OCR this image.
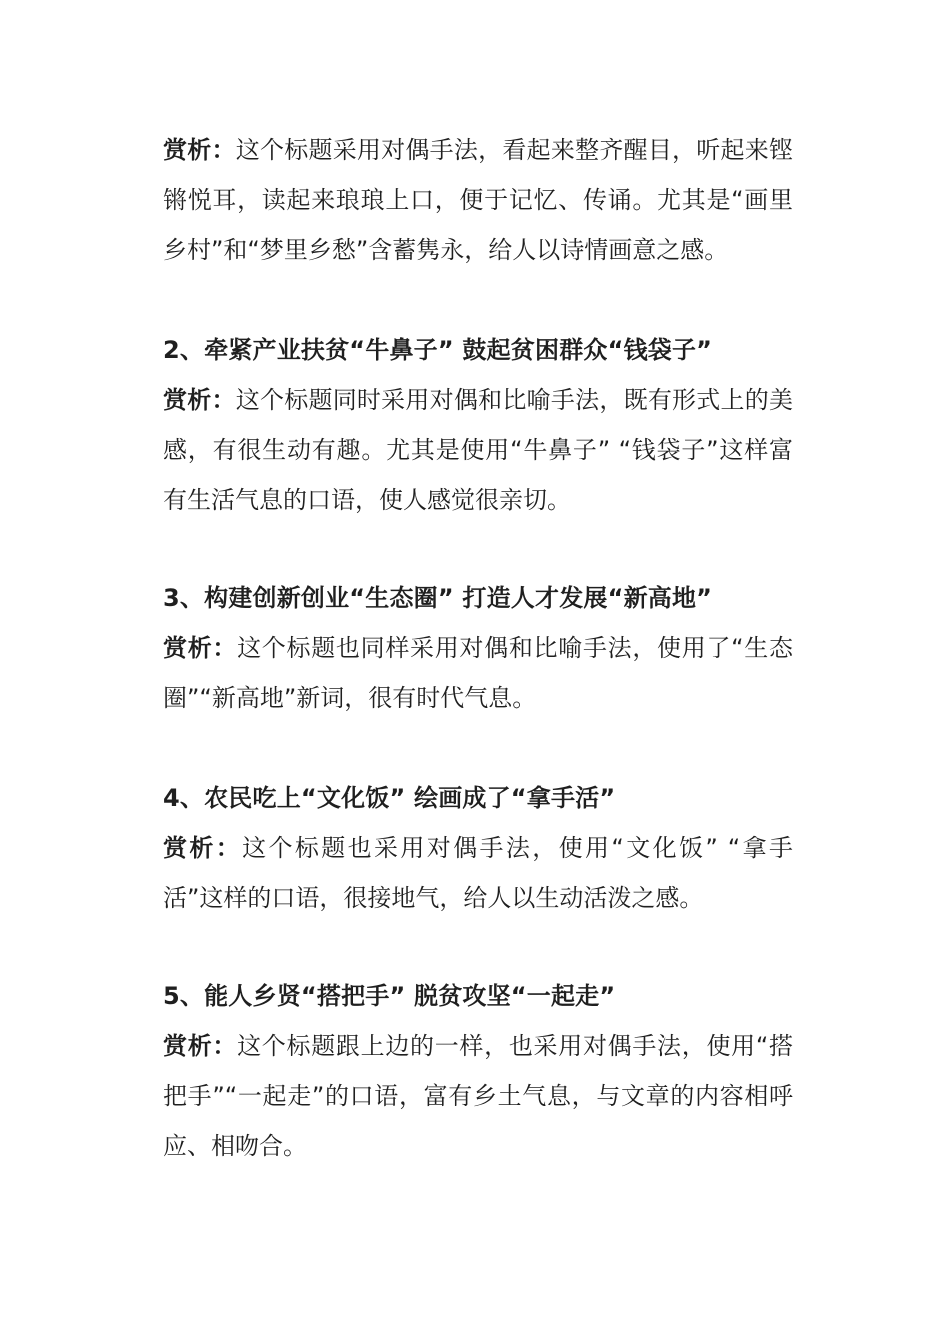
赏析：这个标题采用对偶手法，看起来整齐醒目，听起来铿锵悦耳，读起来琅琅上口，便于记忆、传诵。尤其是“画里乡村”和“梦里乡愁”含蓄隽永，给人以诗情画意之感。

2、牵紧产业扶贫“牛鼻子” 鼓起贫困群众“钱袋子”

赏析：这个标题同时采用对偶和比喻手法，既有形式上的美感，有很生动有趣。尤其是使用“牛鼻子” “钱袋子”这样富有生活气息的口语，使人感觉很亲切。

3、构建创新创业“生态圈” 打造人才发展“新高地”

赏析：这个标题也同样采用对偶和比喻手法，使用了“生态圈”“新高地”新词，很有时代气息。

4、农民吃上“文化饭” 绘画成了“拿手活”

赏析：这个标题也采用对偶手法，使用“文化饭” “拿手活”这样的口语，很接地气，给人以生动活泼之感。

5、能人乡贤“搭把手” 脱贫攻坚“一起走”

赏析：这个标题跟上边的一样，也采用对偶手法，使用“搭把手”“一起走”的口语，富有乡土气息，与文章的内容相呼应、相吻合。
